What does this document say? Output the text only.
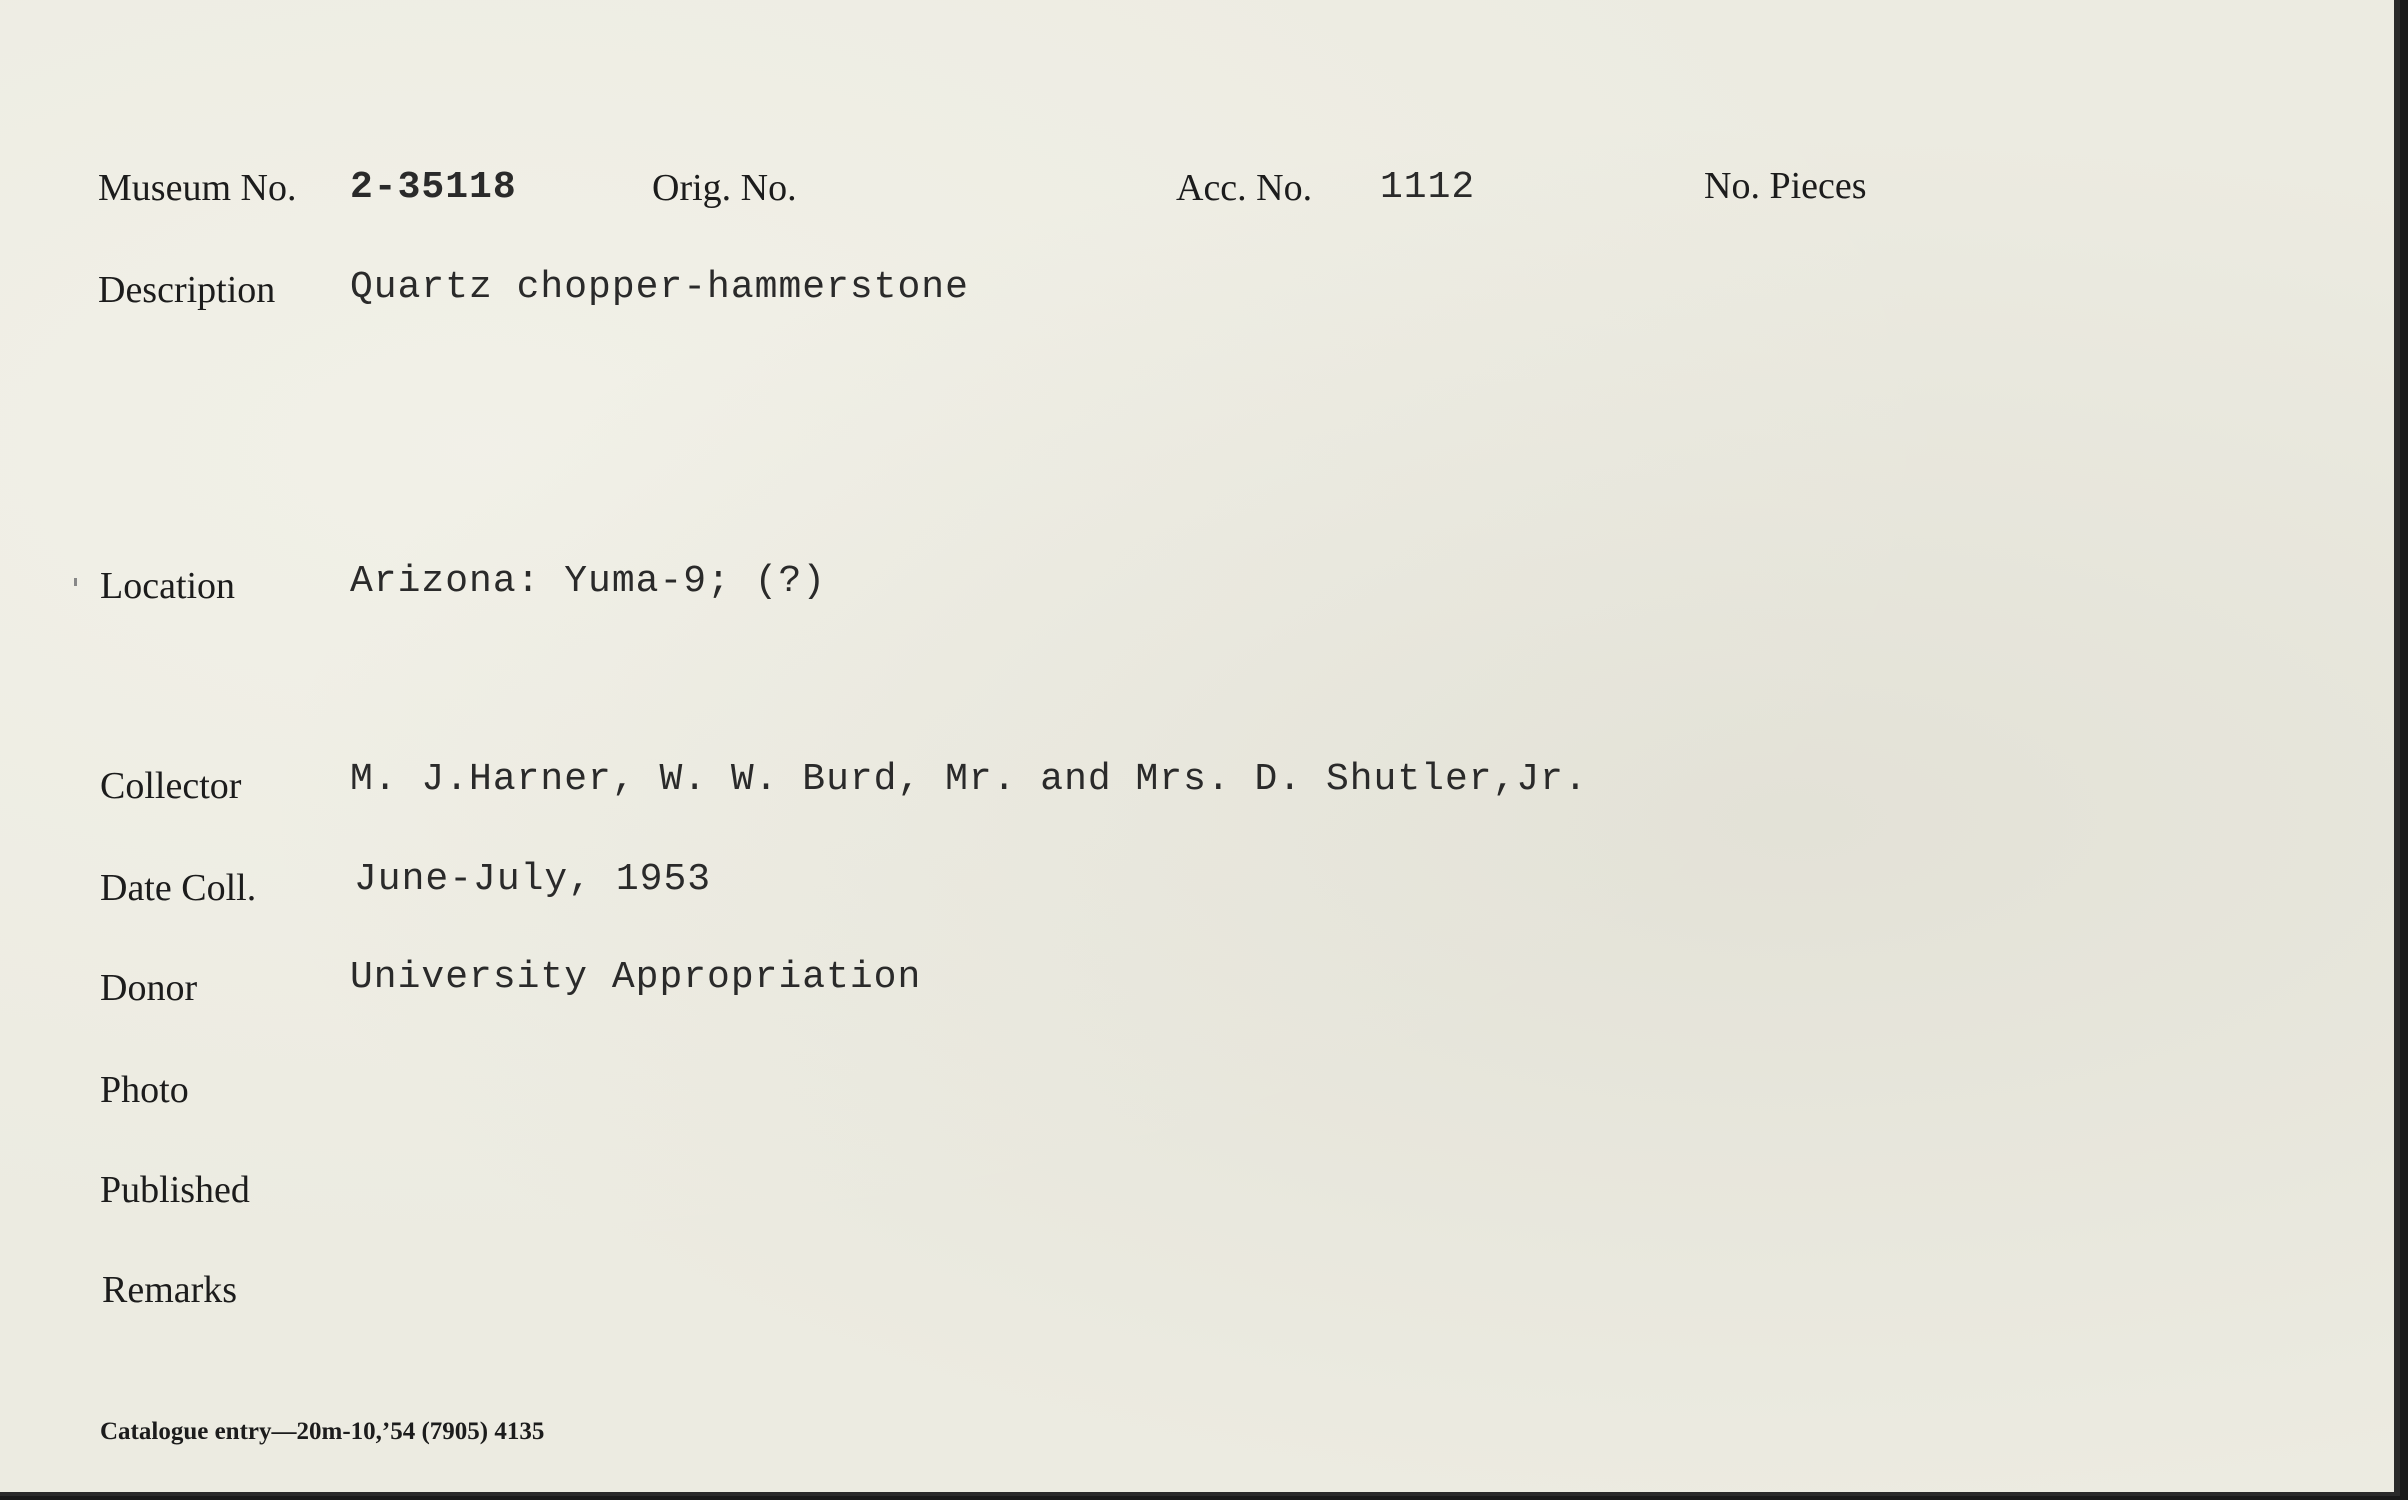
Museum No. 2-35118	Orig. No.	Acc. No. 1112	No. Pieces
Description Quartz chopper-hammerstone
Location	Arizona: Yuma-9; (?)
Collector	M. J.Harner, W. W. Burd, Mr. and Mrs. D. Shutler,Jr.
Date Coll.	June-July, 1953
Donor	University Appropriation
Photo
Published
Remarks
Catalogue entry—20m-10,’54 (7905) 4135
